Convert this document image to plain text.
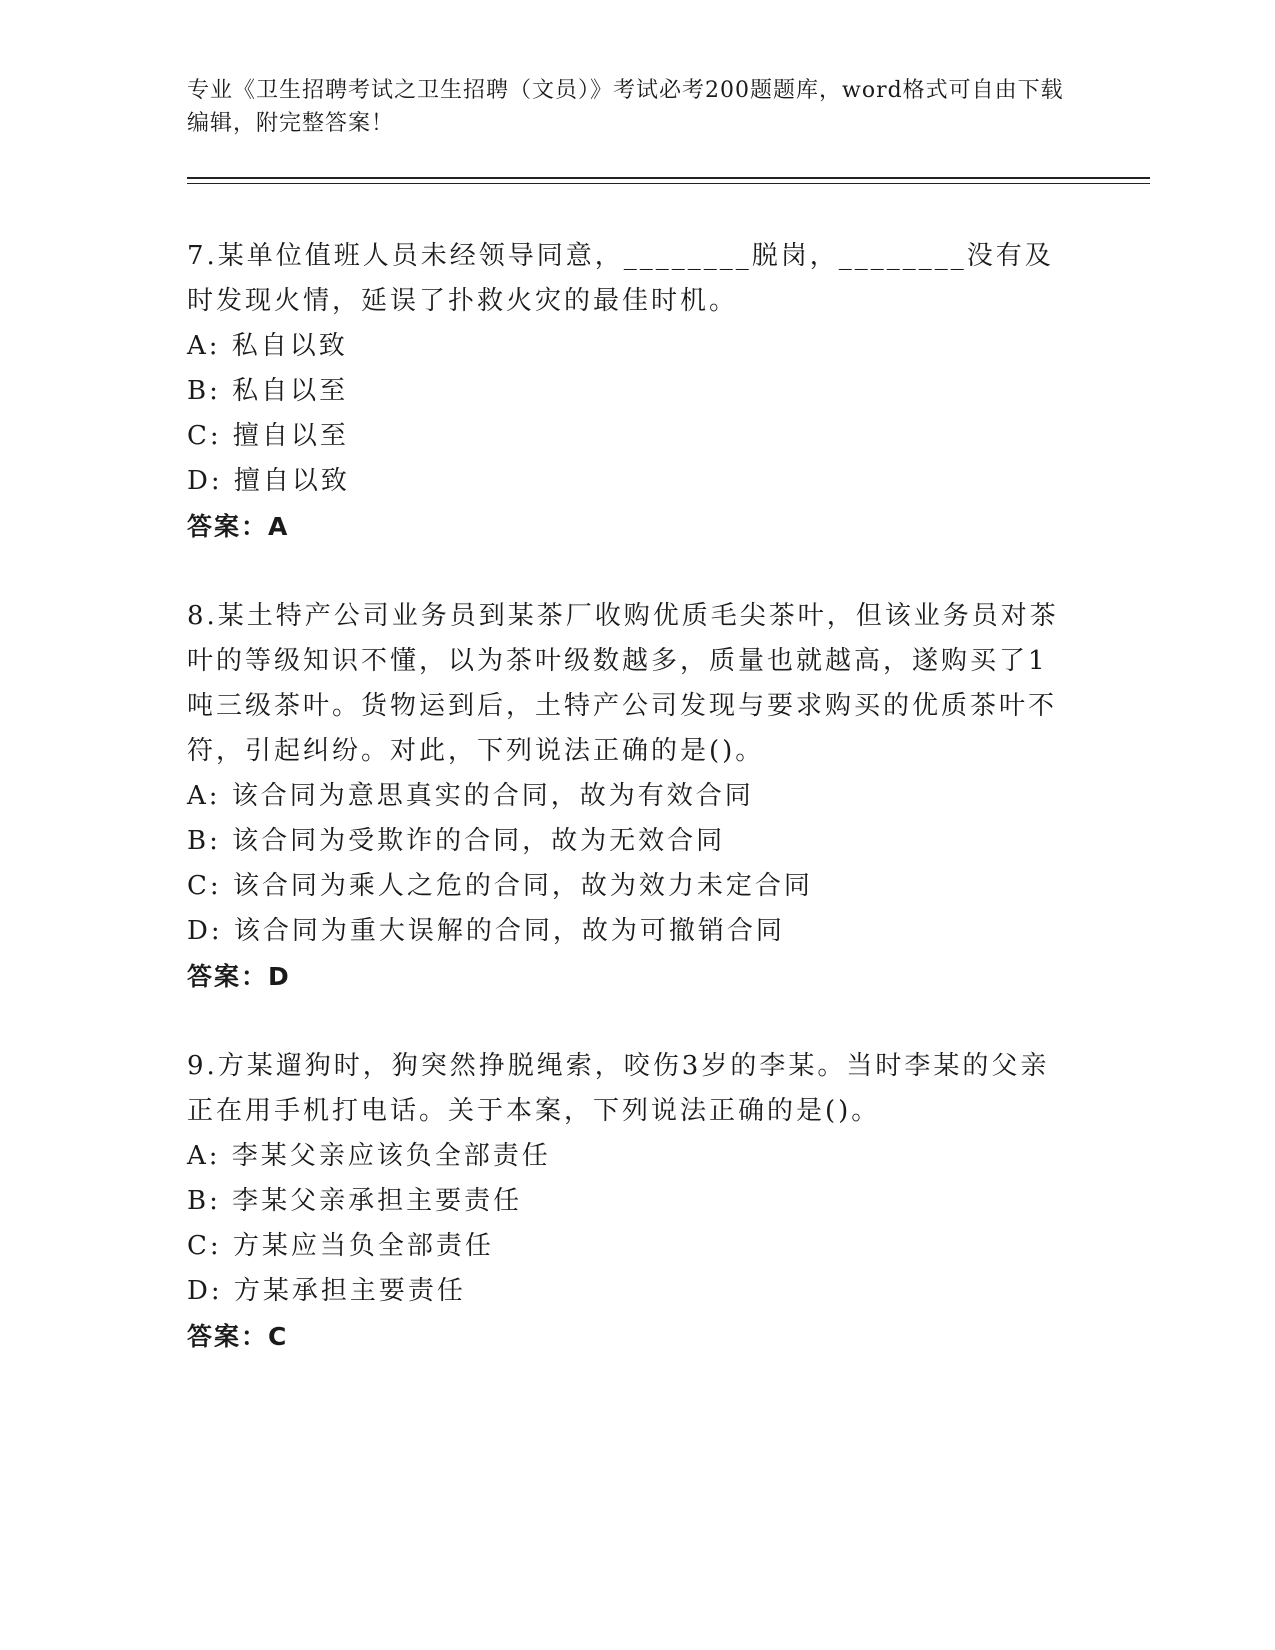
专业《卫生招聘考试之卫生招聘（文员）》考试必考200题题库，word格式可自由下载编辑，附完整答案！

7.某单位值班人员未经领导同意，________脱岗，________没有及时发现火情，延误了扑救火灾的最佳时机。

A: 私自以致

B: 私自以至

C: 擅自以至

D: 擅自以致

答案：A

8.某土特产公司业务员到某茶厂收购优质毛尖茶叶，但该业务员对茶叶的等级知识不懂，以为茶叶级数越多，质量也就越高，遂购买了1吨三级茶叶。货物运到后，土特产公司发现与要求购买的优质茶叶不符，引起纠纷。对此，下列说法正确的是()。

A: 该合同为意思真实的合同，故为有效合同

B: 该合同为受欺诈的合同，故为无效合同

C: 该合同为乘人之危的合同，故为效力未定合同

D: 该合同为重大误解的合同，故为可撤销合同

答案：D

9.方某遛狗时，狗突然挣脱绳索，咬伤3岁的李某。当时李某的父亲正在用手机打电话。关于本案，下列说法正确的是()。

A: 李某父亲应该负全部责任

B: 李某父亲承担主要责任

C: 方某应当负全部责任

D: 方某承担主要责任

答案：C
